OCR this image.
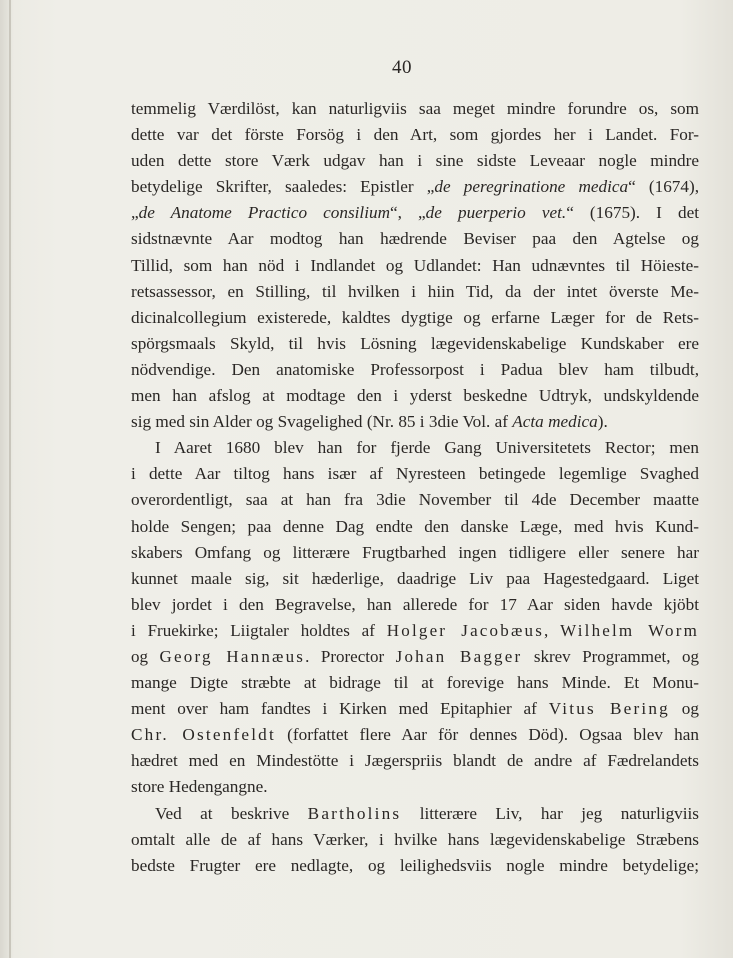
40
temmelig Værdilöst, kan naturligviis saa meget mindre forundre os, som
dette var det förste Forsög i den Art, som gjordes her i Landet. For-
uden dette store Værk udgav han i sine sidste Leveaar nogle mindre
betydelige Skrifter, saaledes: Epistler „de peregrinatione medica“ (1674),
„de Anatome Practico consilium“, „de puerperio vet.“ (1675). I det
sidstnævnte Aar modtog han hædrende Beviser paa den Agtelse og
Tillid, som han nöd i Indlandet og Udlandet: Han udnævntes til Höieste-
retsassessor, en Stilling, til hvilken i hiin Tid, da der intet överste Me-
dicinalcollegium existerede, kaldtes dygtige og erfarne Læger for de Rets-
spörgsmaals Skyld, til hvis Lösning lægevidenskabelige Kundskaber ere
nödvendige. Den anatomiske Professorpost i Padua blev ham tilbudt,
men han afslog at modtage den i yderst beskedne Udtryk, undskyldende
sig med sin Alder og Svagelighed (Nr. 85 i 3die Vol. af Acta medica).
I Aaret 1680 blev han for fjerde Gang Universitetets Rector; men
i dette Aar tiltog hans især af Nyresteen betingede legemlige Svaghed
overordentligt, saa at han fra 3die November til 4de December maatte
holde Sengen; paa denne Dag endte den danske Læge, med hvis Kund-
skabers Omfang og litterære Frugtbarhed ingen tidligere eller senere har
kunnet maale sig, sit hæderlige, daadrige Liv paa Hagestedgaard. Liget
blev jordet i den Begravelse, han allerede for 17 Aar siden havde kjöbt
i Fruekirke; Liigtaler holdtes af Holger Jacobæus, Wilhelm Worm
og Georg Hannæus. Prorector Johan Bagger skrev Programmet, og
mange Digte stræbte at bidrage til at forevige hans Minde. Et Monu-
ment over ham fandtes i Kirken med Epitaphier af Vitus Bering og
Chr. Ostenfeldt (forfattet flere Aar för dennes Död). Ogsaa blev han
hædret med en Mindestötte i Jægerspriis blandt de andre af Fædrelandets
store Hedengangne.
Ved at beskrive Bartholins litterære Liv, har jeg naturligviis
omtalt alle de af hans Værker, i hvilke hans lægevidenskabelige Stræbens
bedste Frugter ere nedlagte, og leilighedsviis nogle mindre betydelige;
